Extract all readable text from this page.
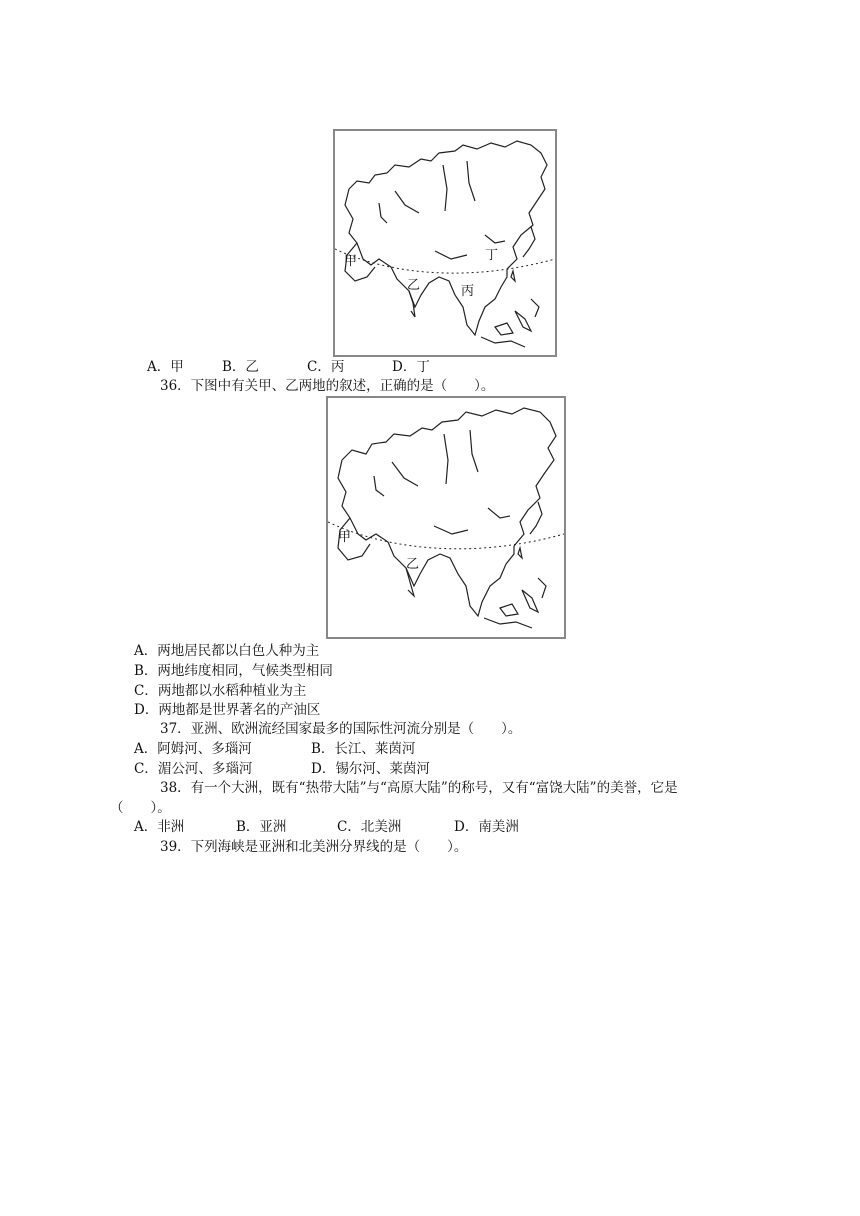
甲
乙	丙
丁
A．甲	B．乙	C．丙	D．丁
36．下图中有关甲、乙两地的叙述，正确的是（　　）。
甲
乙
A．两地居民都以白色人种为主
B．两地纬度相同，气候类型相同
C．两地都以水稻种植业为主
D．两地都是世界著名的产油区
37．亚洲、欧洲流经国家最多的国际性河流分别是（　　）。
A．阿姆河、多瑙河	B．长江、莱茵河
C．湄公河、多瑙河	D．锡尔河、莱茵河
38．有一个大洲，既有“热带大陆”与“高原大陆”的称号，又有“富饶大陆”的美誉，它是
（　　）。
A．非洲	B．亚洲	C．北美洲	D．南美洲
39．下列海峡是亚洲和北美洲分界线的是（　　）。
